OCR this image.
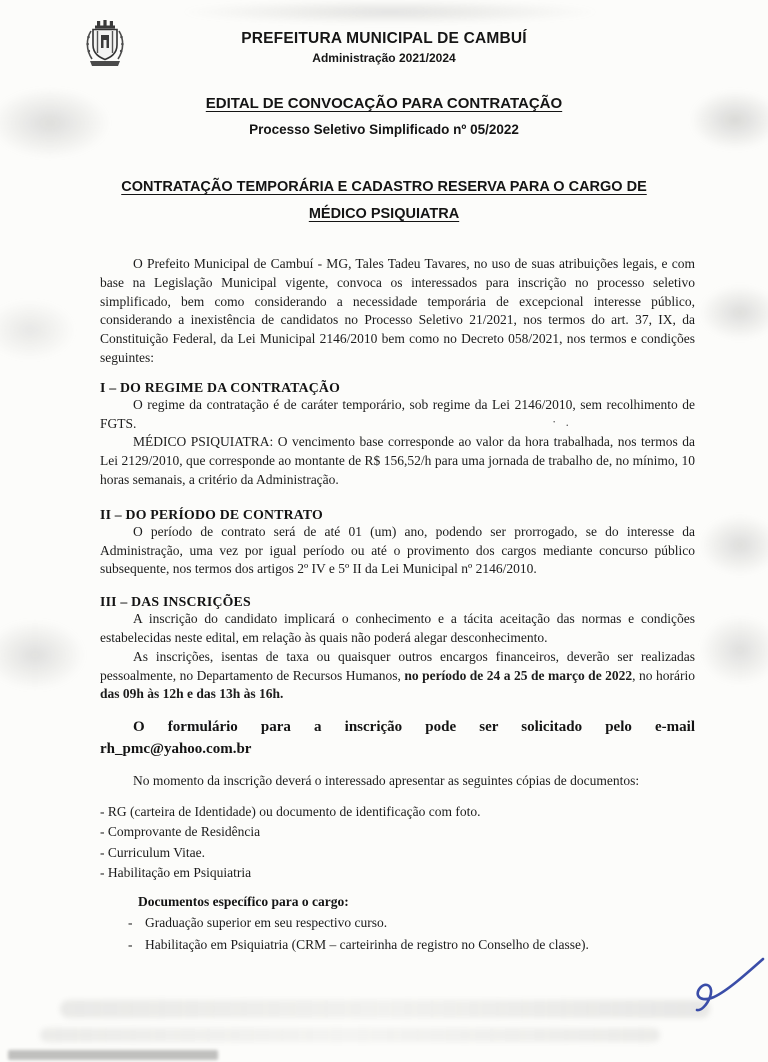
· .
PREFEITURA MUNICIPAL DE CAMBUÍ
Administração 2021/2024
EDITAL DE CONVOCAÇÃO PARA CONTRATAÇÃO
Processo Seletivo Simplificado nº 05/2022
CONTRATAÇÃO TEMPORÁRIA E CADASTRO RESERVA PARA O CARGO DE
MÉDICO PSIQUIATRA

O Prefeito Municipal de Cambuí - MG, Tales Tadeu Tavares, no uso de suas atribuições legais, e com base na Legislação Municipal vigente, convoca os interessados para inscrição no processo seletivo simplificado, bem como considerando a necessidade temporária de excepcional interesse público, considerando a inexistência de candidatos no Processo Seletivo 21/2021, nos termos do art. 37, IX, da Constituição Federal, da Lei Municipal 2146/2010 bem como no Decreto 058/2021, nos termos e condições seguintes:

I – DO REGIME DA CONTRATAÇÃO

O regime da contratação é de caráter temporário, sob regime da Lei 2146/2010, sem recolhimento de FGTS.

MÉDICO PSIQUIATRA: O vencimento base corresponde ao valor da hora trabalhada, nos termos da Lei 2129/2010, que corresponde ao montante de R$ 156,52/h para uma jornada de trabalho de, no mínimo, 10 horas semanais, a critério da Administração.

II – DO PERÍODO DE CONTRATO

O período de contrato será de até 01 (um) ano, podendo ser prorrogado, se do interesse da Administração, uma vez por igual período ou até o provimento dos cargos mediante concurso público subsequente, nos termos dos artigos 2º IV e 5º II da Lei Municipal nº 2146/2010.

III – DAS INSCRIÇÕES

A inscrição do candidato implicará o conhecimento e a tácita aceitação das normas e condições estabelecidas neste edital, em relação às quais não poderá alegar desconhecimento.

As inscrições, isentas de taxa ou quaisquer outros encargos financeiros, deverão ser realizadas pessoalmente, no Departamento de Recursos Humanos, no período de 24 a 25 de março de 2022, no horário das 09h às 12h e das 13h às 16h.

O formulário para a inscrição pode ser solicitado pelo e-mail

rh_pmc@yahoo.com.br

No momento da inscrição deverá o interessado apresentar as seguintes cópias de documentos:

- RG (carteira de Identidade) ou documento de identificação com foto.
- Comprovante de Residência
- Curriculum Vitae.
- Habilitação em Psiquiatria
Documentos específico para o cargo:
- Graduação superior em seu respectivo curso.
- Habilitação em Psiquiatria (CRM – carteirinha de registro no Conselho de classe).
